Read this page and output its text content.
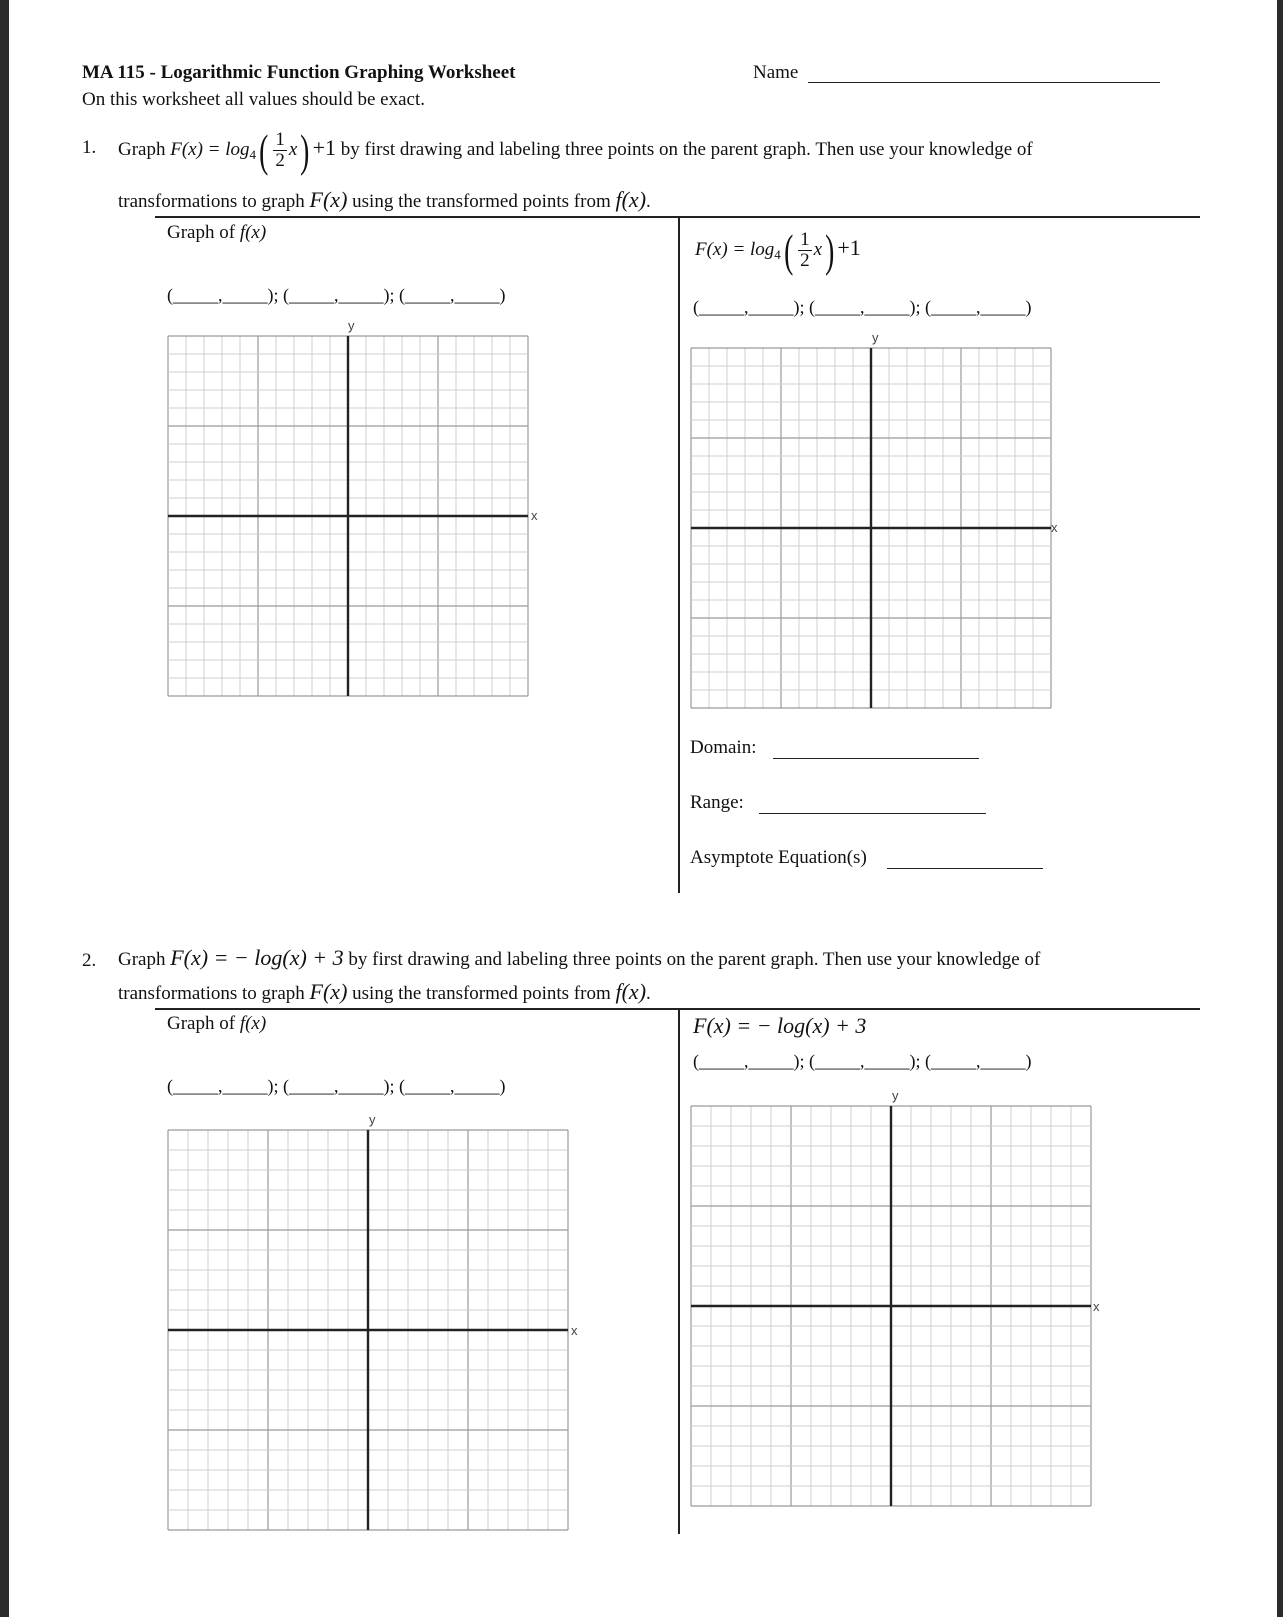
MA 115 - Logarithmic Function Graphing Worksheet	Name
On this worksheet all values should be exact.
1. Graph $F(x) = \log_4( \frac{1}{2} x) +1$ by first drawing and labeling three points on the parent graph. Then use your knowledge of
transformations to graph F(x) using the transformed points from f(x).
Graph of f(x)
(_____,_____); (_____,_____); (_____,_____)
$F(x) = \log_4( \frac{1}{2} x) +1$
(_____,_____); (_____,_____); (_____,_____)
y
x
y
x
Domain:
Range:
Asymptote Equation(s)
2. Graph F(x) = − log(x) + 3 by first drawing and labeling three points on the parent graph. Then use your knowledge of
transformations to graph F(x) using the transformed points from f(x).
Graph of f(x)
(_____,_____); (_____,_____); (_____,_____)
F(x) = − log(x) + 3
(_____,_____); (_____,_____); (_____,_____)
y
x
y
x
